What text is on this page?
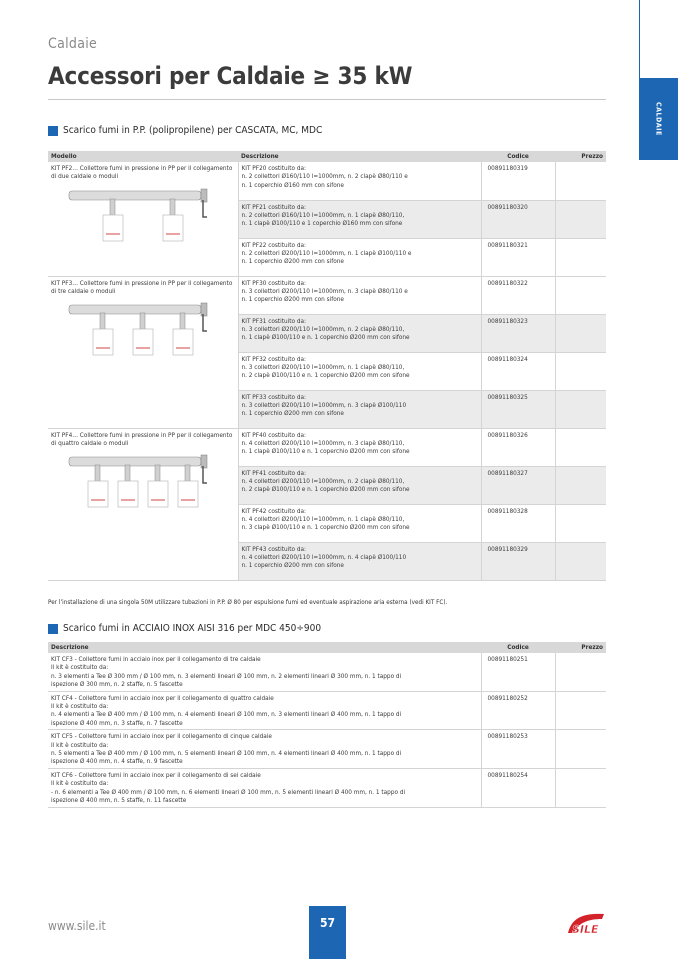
CALDAIE
Caldaie
Accessori per Caldaie ≥ 35 kW
Scarico fumi in P.P. (polipropilene) per CASCATA, MC, MDC
Modello	Descrizione	Codice	Prezzo

KIT PF2… Collettore fumi in pressione in PP per il collegamento di due caldaie o moduli	KIT PF20 costituito da:
n. 2 collettori Ø160/110 l=1000mm, n. 2 clapè Ø80/110 e
n. 1 coperchio Ø160 mm con sifone	00891180319	
	KIT PF21 costituito da:
n. 2 collettori Ø160/110 l=1000mm, n. 1 clapè Ø80/110,
n. 1 clapè Ø100/110 e 1 coperchio Ø160 mm con sifone	00891180320	
	KIT PF22 costituito da:
n. 2 collettori Ø200/110 l=1000mm, n. 1 clapè Ø100/110 e
n. 1 coperchio Ø200 mm con sifone	00891180321	

KIT PF3… Collettore fumi in pressione in PP per il collegamento di tre caldaie o moduli	KIT PF30 costituito da:
n. 3 collettori Ø200/110 l=1000mm, n. 3 clapè Ø80/110 e
n. 1 coperchio Ø200 mm con sifone	00891180322	
	KIT PF31 costituito da:
n. 3 collettori Ø200/110 l=1000mm, n. 2 clapè Ø80/110,
n. 1 clapè Ø100/110 e n. 1 coperchio Ø200 mm con sifone	00891180323	
	KIT PF32 costituito da:
n. 3 collettori Ø200/110 l=1000mm, n. 1 clapè Ø80/110,
n. 2 clapè Ø100/110 e n. 1 coperchio Ø200 mm con sifone	00891180324	
	KIT PF33 costituito da:
n. 3 collettori Ø200/110 l=1000mm, n. 3 clapè Ø100/110
n. 1 coperchio Ø200 mm con sifone	00891180325	

KIT PF4… Collettore fumi in pressione in PP per il collegamento di quattro caldaie o moduli	KIT PF40 costituito da:
n. 4 collettori Ø200/110 l=1000mm, n. 3 clapè Ø80/110,
n. 1 clapè Ø100/110 e n. 1 coperchio Ø200 mm con sifone	00891180326	
	KIT PF41 costituito da:
n. 4 collettori Ø200/110 l=1000mm, n. 2 clapè Ø80/110,
n. 2 clapè Ø100/110 e n. 1 coperchio Ø200 mm con sifone	00891180327	
	KIT PF42 costituito da:
n. 4 collettori Ø200/110 l=1000mm, n. 1 clapè Ø80/110,
n. 3 clapè Ø100/110 e n. 1 coperchio Ø200 mm con sifone	00891180328	
	KIT PF43 costituito da:
n. 4 collettori Ø200/110 l=1000mm, n. 4 clapè Ø100/110
n. 1 coperchio Ø200 mm con sifone	00891180329	
Per l’installazione di una singola 50M utilizzare tubazioni in P.P. Ø 80 per espulsione fumi ed eventuale aspirazione aria esterna (vedi KIT FC).
Scarico fumi in ACCIAIO INOX AISI 316 per MDC 450÷900
Descrizione	Codice	Prezzo
KIT CF3 - Collettore fumi in acciaio inox per il collegamento di tre caldaie
Il kit è costituito da:
n. 3 elementi a Tee Ø 300 mm / Ø 100 mm, n. 3 elementi lineari Ø 100 mm, n. 2 elementi lineari Ø 300 mm, n. 1 tappo di
ispezione Ø 300 mm, n. 2 staffe, n. 5 fascette	00891180251	
KIT CF4 - Collettore fumi in acciaio inox per il collegamento di quattro caldaie
Il kit è costituito da:
n. 4 elementi a Tee Ø 400 mm / Ø 100 mm, n. 4 elementi lineari Ø 100 mm, n. 3 elementi lineari Ø 400 mm, n. 1 tappo di
ispezione Ø 400 mm, n. 3 staffe, n. 7 fascette	00891180252	
KIT CF5 - Collettore fumi in acciaio inox per il collegamento di cinque caldaie
Il kit è costituito da:
n. 5 elementi a Tee Ø 400 mm / Ø 100 mm, n. 5 elementi lineari Ø 100 mm, n. 4 elementi lineari Ø 400 mm, n. 1 tappo di
ispezione Ø 400 mm, n. 4 staffe, n. 9 fascette	00891180253	
KIT CF6 - Collettore fumi in acciaio inox per il collegamento di sei caldaie
Il kit è costituito da:
- n. 6 elementi a Tee Ø 400 mm / Ø 100 mm, n. 6 elementi lineari Ø 100 mm, n. 5 elementi lineari Ø 400 mm, n. 1 tappo di
ispezione Ø 400 mm, n. 5 staffe, n. 11 fascette	00891180254	
www.sile.it	57	SILE
